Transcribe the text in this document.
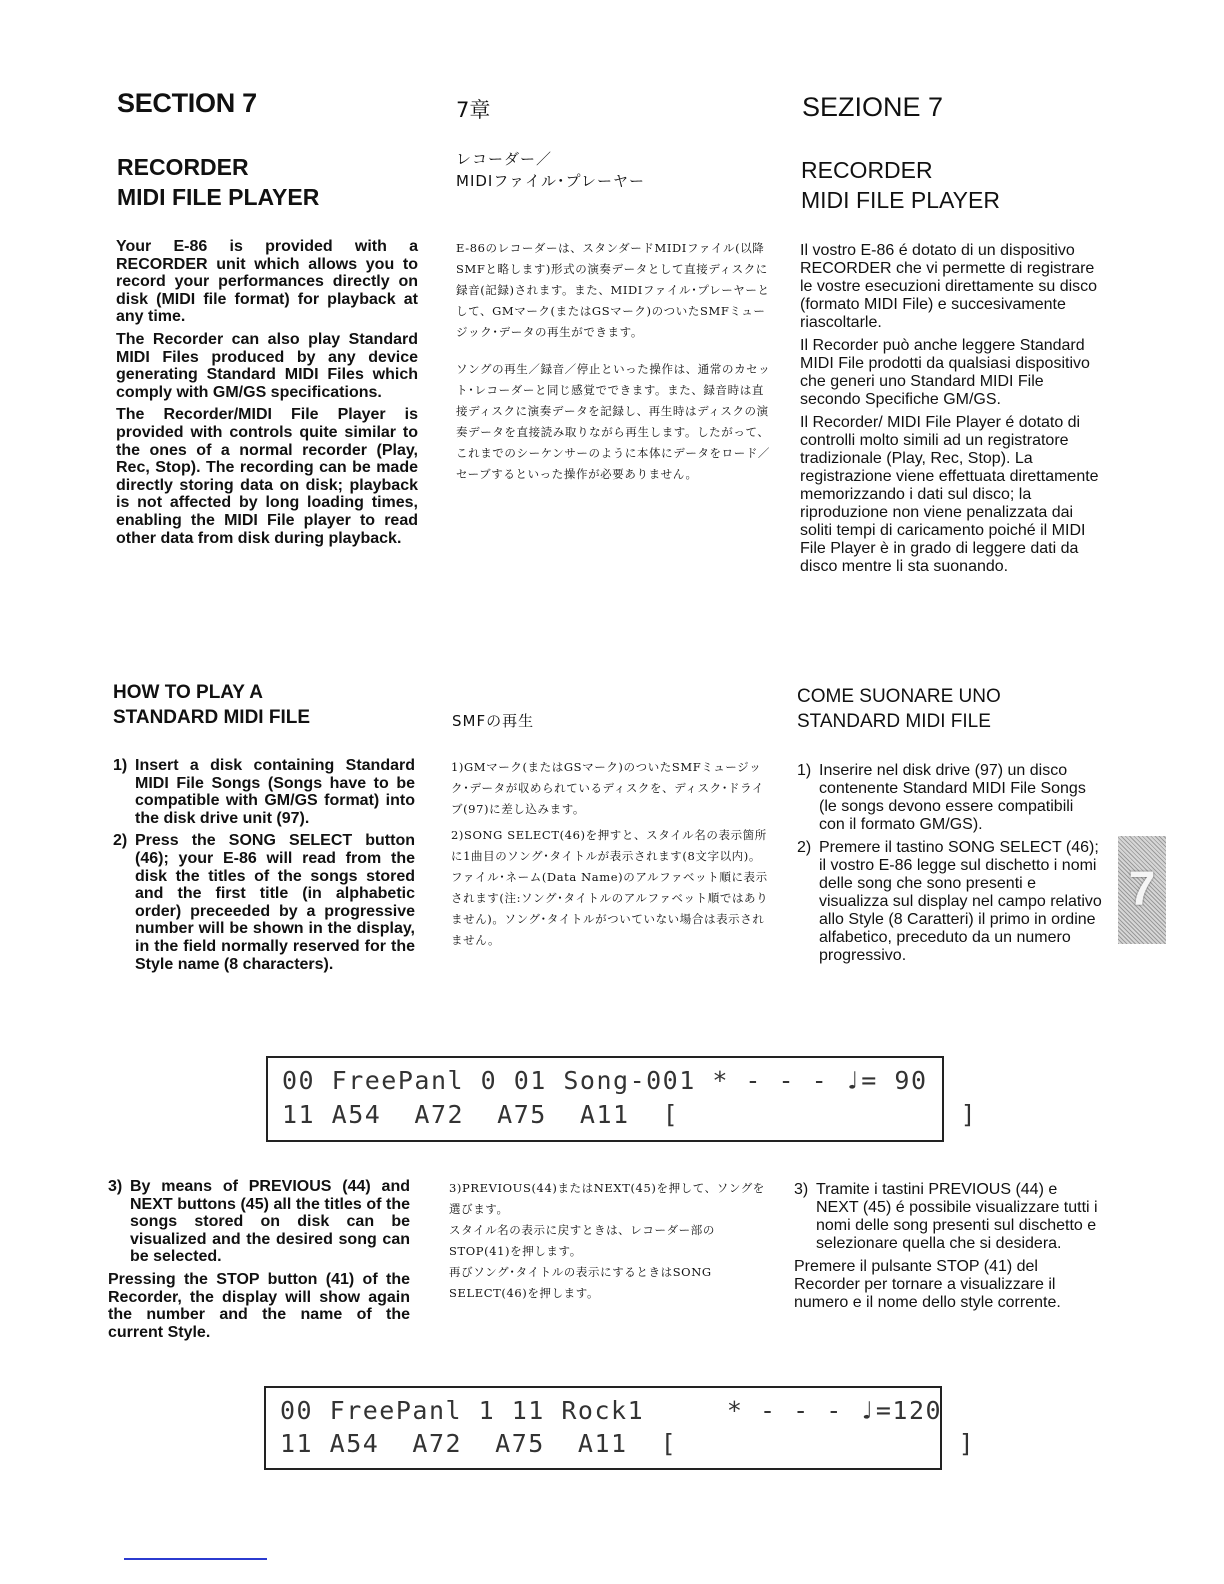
SECTION 7	7章	SEZIONE 7
RECORDER
MIDI FILE PLAYER
レコーダー／
MIDIファイル･プレーヤー	RECORDER
MIDI FILE PLAYER

Your E-86 is provided with a RECORDER unit which allows you to record your performances directly on disk (MIDI file format) for playback at any time.

The Recorder can also play Standard MIDI Files produced by any device generating Standard MIDI Files which comply with GM/GS specifications.

The Recorder/MIDI File Player is provided with controls quite similar to the ones of a normal recorder (Play, Rec, Stop). The recording can be made directly storing data on disk; playback is not affected by long loading times, enabling the MIDI File player to read other data from disk during playback.

E-86のレコーダーは、スタンダードMIDIファイル(以降SMFと略します)形式の演奏データとして直接ディスクに録音(記録)されます。また、MIDIファイル･プレーヤーとして、GMマーク(またはGSマーク)のついたSMFミュージック･データの再生ができます。

ソングの再生／録音／停止といった操作は、通常のカセット･レコーダーと同じ感覚でできます。また、録音時は直接ディスクに演奏データを記録し、再生時はディスクの演奏データを直接読み取りながら再生します。したがって、これまでのシーケンサーのように本体にデータをロード／セーブするといった操作が必要ありません。

Il vostro E-86 é dotato di un dispositivo RECORDER che vi permette di registrare le vostre esecuzioni direttamente su disco (formato MIDI File) e succesivamente riascoltarle.

Il Recorder può anche leggere Standard MIDI File prodotti da qualsiasi dispositivo che generi uno Standard MIDI File secondo Specifiche GM/GS.

Il Recorder/ MIDI File Player é dotato di controlli molto simili ad un registratore tradizionale (Play, Rec, Stop). La registrazione viene effettuata direttamente memorizzando i dati sul disco; la riproduzione non viene penalizzata dai soliti tempi di caricamento poiché il MIDI File Player è in grado di leggere dati da disco mentre li sta suonando.

HOW TO PLAY A
STANDARD MIDI FILE	SMFの再生
COME SUONARE UNO
STANDARD MIDI FILE
1) Insert a disk containing Standard MIDI File Songs (Songs have to be compatible with GM/GS format) into the disk drive unit (97).
2) Press the SONG SELECT button (46); your E-86 will read from the disk the titles of the songs stored and the first title (in alphabetic order) preceeded by a progressive number will be shown in the display, in the field normally reserved for the Style name (8 characters).

1)GMマーク(またはGSマーク)のついたSMFミュージック･データが収められているディスクを、ディスク･ドライブ(97)に差し込みます。

2)SONG SELECT(46)を押すと、スタイル名の表示箇所に1曲目のソング･タイトルが表示されます(8文字以内)。ファイル･ネーム(Data Name)のアルファベット順に表示されます(注:ソング･タイトルのアルファベット順ではありません)。ソング･タイトルがついていない場合は表示されません。

1) Inserire nel disk drive (97) un disco contenente Standard MIDI File Songs (le songs devono essere compatibili con il formato GM/GS).
2) Premere il tastino SONG SELECT (46); il vostro E-86 legge sul dischetto i nomi delle song che sono presenti e visualizza sul display nel campo relativo allo Style (8 Caratteri) il primo in ordine alfabetico, preceduto da un numero progressivo.
7
00 FreePanl 0 01 Song-001 * - - - ♩= 90
11 A54  A72  A75  A11  [                 ]
3) By means of PREVIOUS (44) and NEXT buttons (45) all the titles of the songs stored on disk can be visualized and the desired song can be selected.

Pressing the STOP button (41) of the Recorder, the display will show again the number and the name of the current Style.

3)PREVIOUS(44)またはNEXT(45)を押して、ソングを選びます。

スタイル名の表示に戻すときは、レコーダー部のSTOP(41)を押します。

再びソング･タイトルの表示にするときはSONG SELECT(46)を押します。

3) Tramite i tastini PREVIOUS (44) e NEXT (45) é possibile visualizzare tutti i nomi delle song presenti sul dischetto e selezionare quella che si desidera.

Premere il pulsante STOP (41) del Recorder per tornare a visualizzare il numero e il nome dello style corrente.

00 FreePanl 1 11 Rock1     * - - - ♩=120
11 A54  A72  A75  A11  [                 ]
